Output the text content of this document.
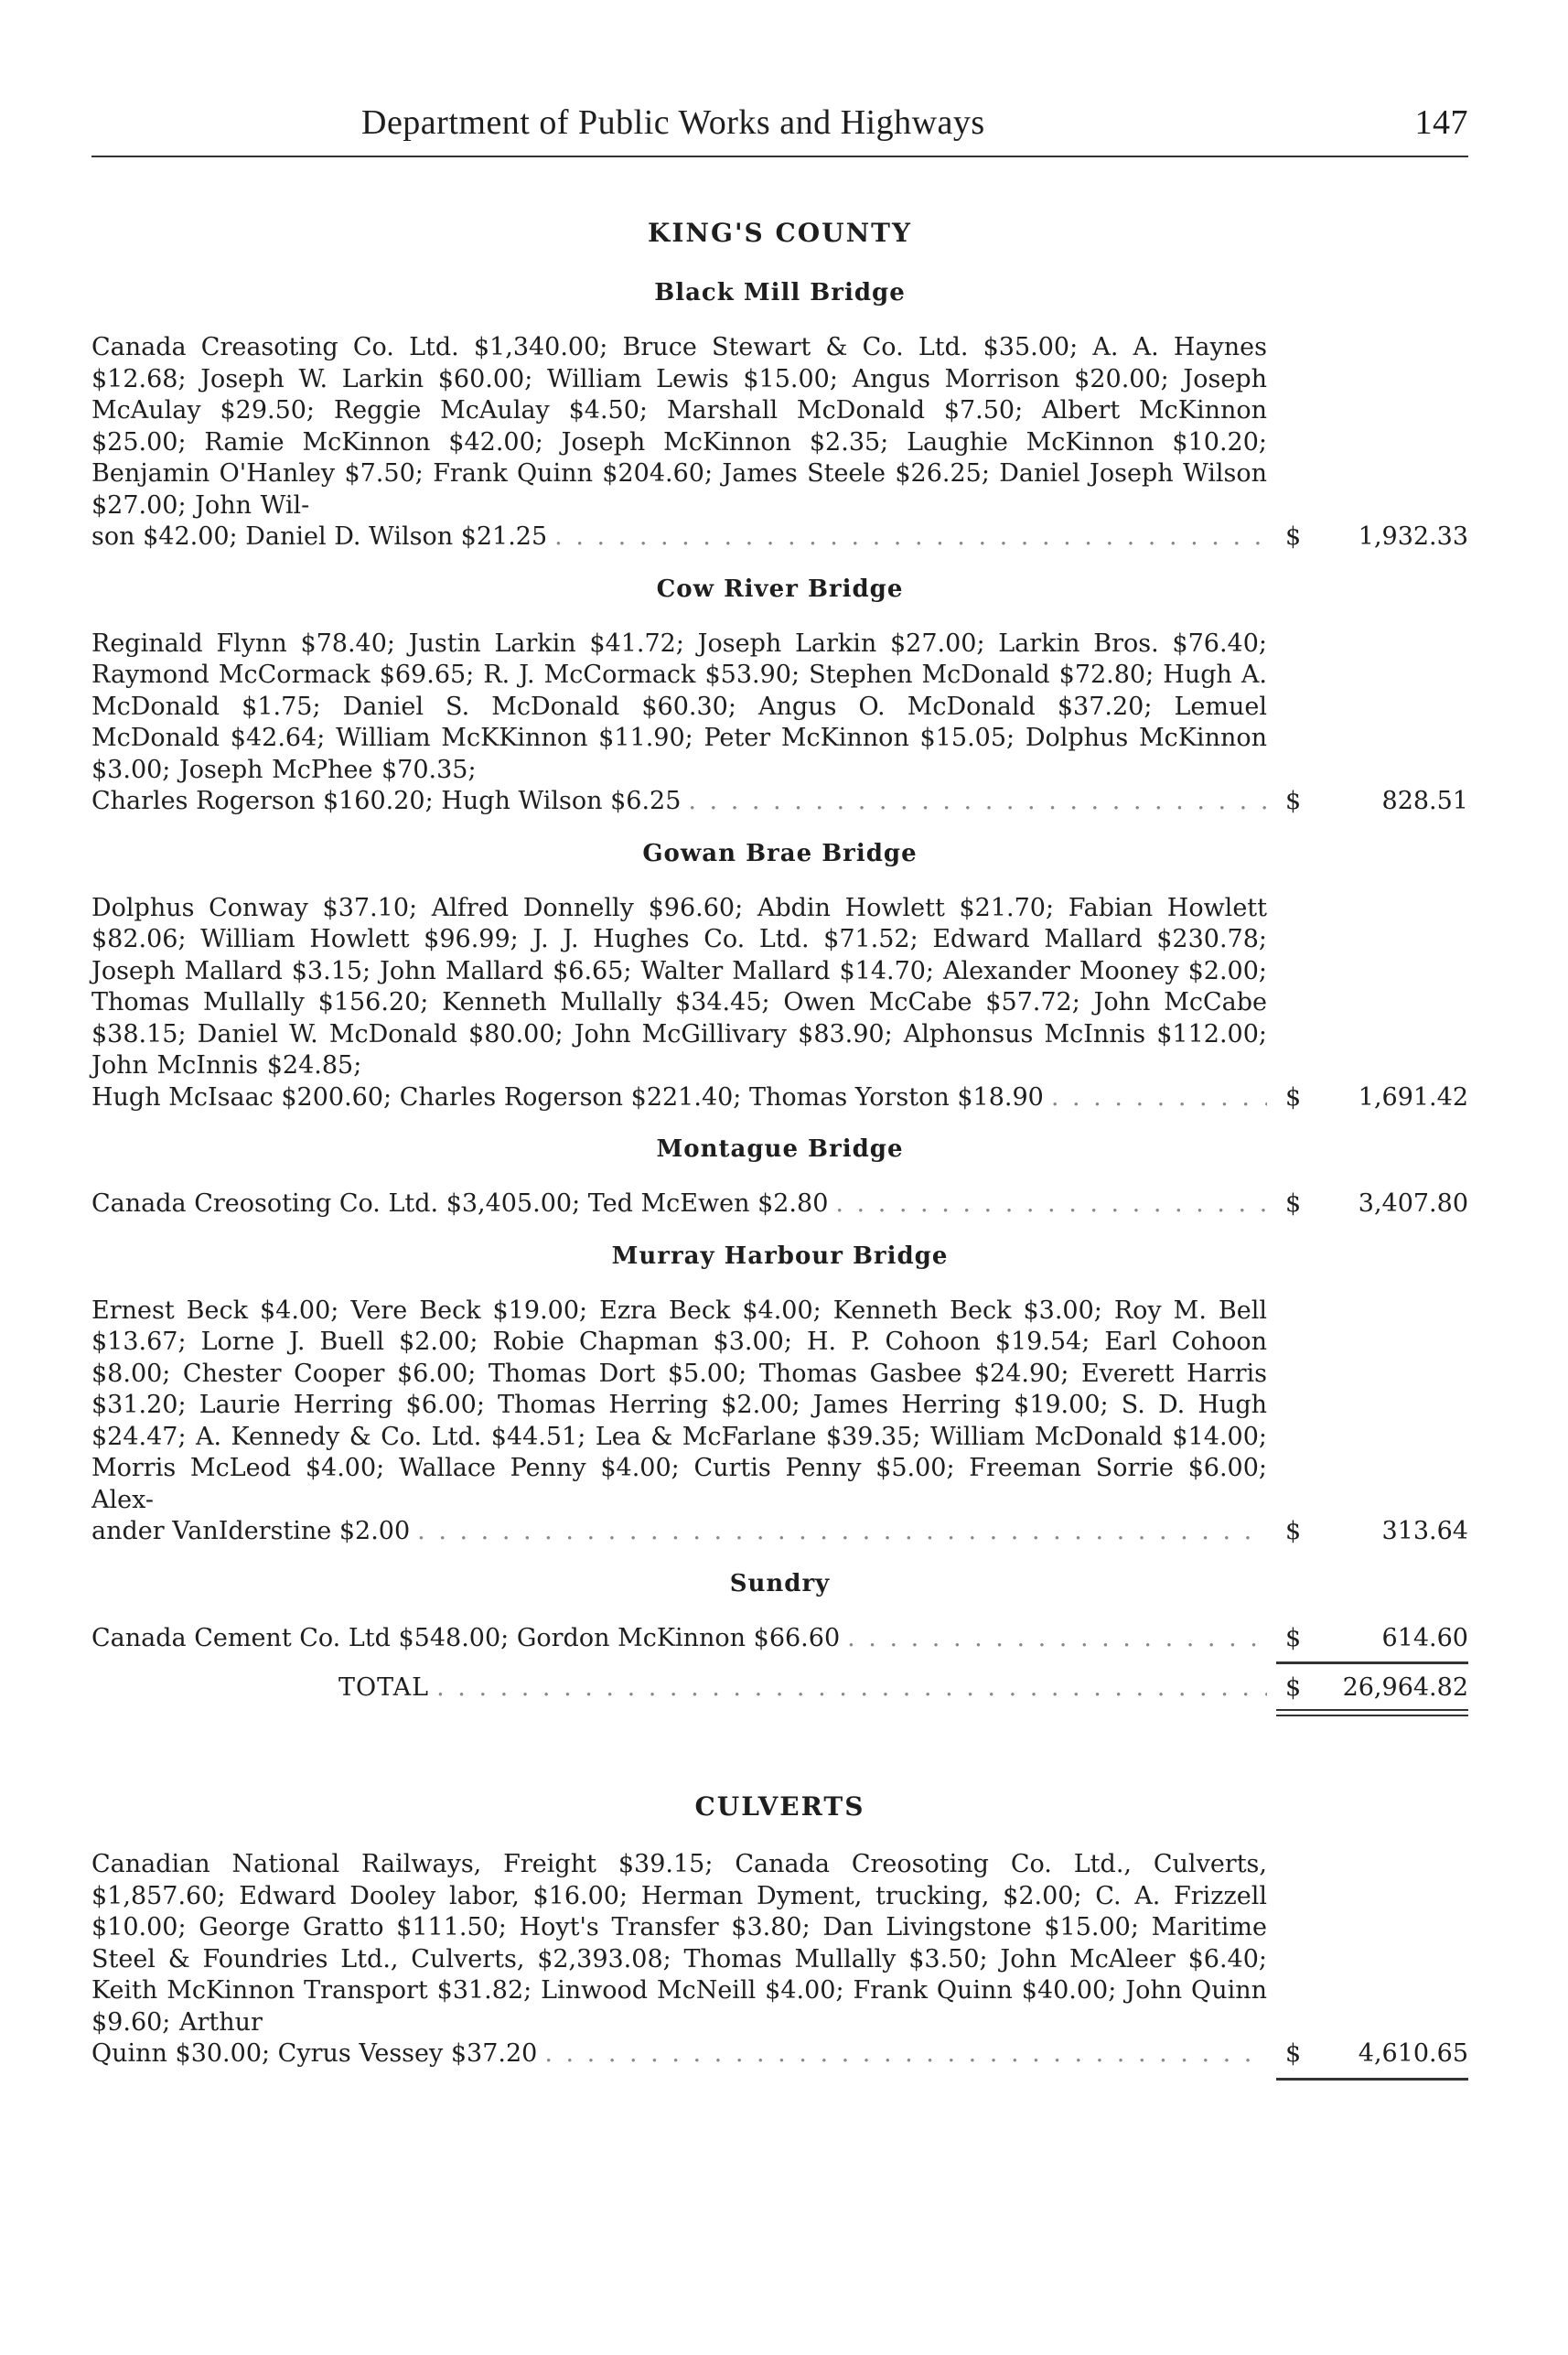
Department of Public Works and Highways	147
KING'S COUNTY
Black Mill Bridge
Canada Creasoting Co. Ltd. $1,340.00; Bruce Stewart & Co. Ltd. $35.00; A. A. Haynes $12.68; Joseph W. Larkin $60.00; William Lewis $15.00; Angus Morrison $20.00; Joseph McAulay $29.50; Reggie McAulay $4.50; Marshall McDonald $7.50; Albert McKinnon $25.00; Ramie McKinnon $42.00; Joseph McKinnon $2.35; Laughie McKinnon $10.20; Benjamin O'Hanley $7.50; Frank Quinn $204.60; James Steele $26.25; Daniel Joseph Wilson $27.00; John Wil-
son $42.00; Daniel D. Wilson $21.25 . . .	$ 1,932.33
Cow River Bridge
Reginald Flynn $78.40; Justin Larkin $41.72; Joseph Larkin $27.00; Larkin Bros. $76.40; Raymond McCormack $69.65; R. J. McCormack $53.90; Stephen McDonald $72.80; Hugh A. McDonald $1.75; Daniel S. McDonald $60.30; Angus O. McDonald $37.20; Lemuel McDonald $42.64; William McKKinnon $11.90; Peter McKinnon $15.05; Dolphus McKinnon $3.00; Joseph McPhee $70.35;
Charles Rogerson $160.20; Hugh Wilson $6.25 . . .	$	828.51
Gowan Brae Bridge
Dolphus Conway $37.10; Alfred Donnelly $96.60; Abdin Howlett $21.70; Fabian Howlett $82.06; William Howlett $96.99; J. J. Hughes Co. Ltd. $71.52; Edward Mallard $230.78; Joseph Mallard $3.15; John Mallard $6.65; Walter Mallard $14.70; Alexander Mooney $2.00; Thomas Mullally $156.20; Kenneth Mullally $34.45; Owen McCabe $57.72; John McCabe $38.15; Daniel W. McDonald $80.00; John McGillivary $83.90; Alphonsus McInnis $112.00; John McInnis $24.85;
Hugh McIsaac $200.60; Charles Rogerson $221.40; Thomas Yorston $18.90 . . .	$ 1,691.42
Montague Bridge
Canada Creosoting Co. Ltd. $3,405.00; Ted McEwen $2.80 . . .	$ 3,407.80
Murray Harbour Bridge
Ernest Beck $4.00; Vere Beck $19.00; Ezra Beck $4.00; Kenneth Beck $3.00; Roy M. Bell $13.67; Lorne J. Buell $2.00; Robie Chapman $3.00; H. P. Cohoon $19.54; Earl Cohoon $8.00; Chester Cooper $6.00; Thomas Dort $5.00; Thomas Gasbee $24.90; Everett Harris $31.20; Laurie Herring $6.00; Thomas Herring $2.00; James Herring $19.00; S. D. Hugh $24.47; A. Kennedy & Co. Ltd. $44.51; Lea & McFarlane $39.35; William McDonald $14.00; Morris McLeod $4.00; Wallace Penny $4.00; Curtis Penny $5.00; Freeman Sorrie $6.00; Alex-
ander VanIderstine $2.00 . . .	$	313.64
Sundry
Canada Cement Co. Ltd $548.00; Gordon McKinnon $66.60 . . .	$	614.60
TOTAL . . .	$ 26,964.82
CULVERTS
Canadian National Railways, Freight $39.15; Canada Creosoting Co. Ltd., Culverts, $1,857.60; Edward Dooley labor, $16.00; Herman Dyment, trucking, $2.00; C. A. Frizzell $10.00; George Gratto $111.50; Hoyt's Transfer $3.80; Dan Livingstone $15.00; Maritime Steel & Foundries Ltd., Culverts, $2,393.08; Thomas Mullally $3.50; John McAleer $6.40; Keith McKinnon Transport $31.82; Linwood McNeill $4.00; Frank Quinn $40.00; John Quinn $9.60; Arthur
Quinn $30.00; Cyrus Vessey $37.20 . . .	$ 4,610.65
